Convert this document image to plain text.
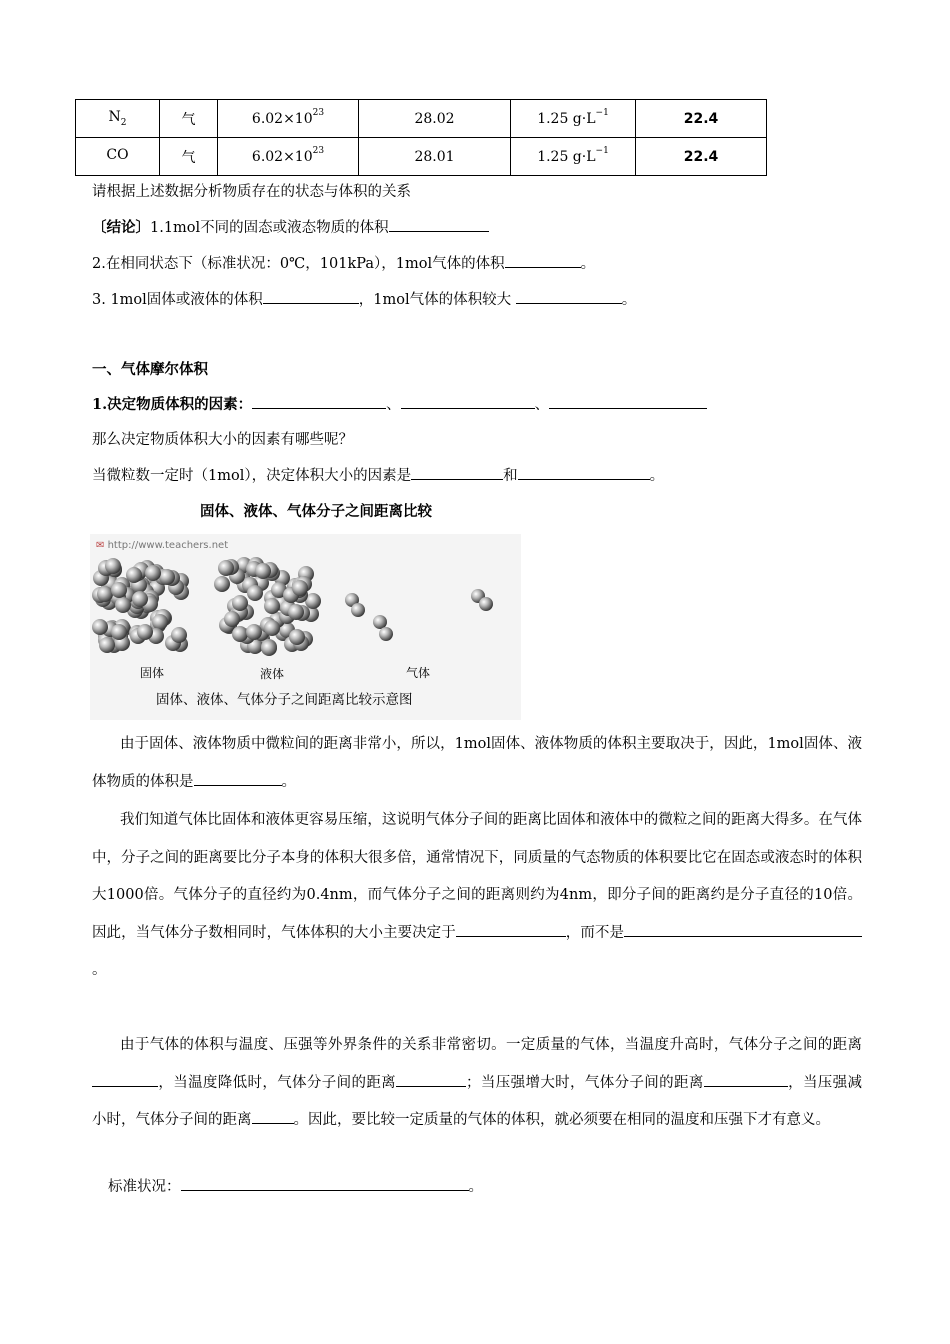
$N_2$	气	$6.02\times 10^{23}$	28.02	1.25 $g\cdot L^{-1}$	22.4
CO	气	$6.02\times 10^{23}$	28.01	1.25 $g\cdot L^{-1}$	22.4
请根据上述数据分析物质存在的状态与体积的关系
〔结论〕1.1mol不同的固态或液态物质的体积
2.在相同状态下（标准状况：0℃，101kPa），1mol气体的体积	。
3. 1mol固体或液体的体积	，1mol气体的体积较大	。
一、气体摩尔体积
1.决定物质体积的因素：	、	、
那么决定物质体积大小的因素有哪些呢？
当微粒数一定时（1mol），决定体积大小的因素是	和	。
固体、液体、气体分子之间距离比较
✉ http://www.teachers.net
固体	液体	气体
固体、液体、气体分子之间距离比较示意图
由于固体、液体物质中微粒间的距离非常小，所以，1mol固体、液体物质的体积主要取决于，因此，1mol固体、液体物质的体积是	。
我们知道气体比固体和液体更容易压缩，这说明气体分子间的距离比固体和液体中的微粒之间的距离大得多。在气体中，分子之间的距离要比分子本身的体积大很多倍，通常情况下，同质量的气态物质的体积要比它在固态或液态时的体积大1000倍。气体分子的直径约为0.4nm，而气体分子之间的距离则约为4nm，即分子间的距离约是分子直径的10倍。因此，当气体分子数相同时，气体体积的大小主要决定于	，而不是。
由于气体的体积与温度、压强等外界条件的关系非常密切。一定质量的气体，当温度升高时，气体分子之间的距离，当温度降低时，气体分子间的距离	；当压强增大时，气体分子间的距离	，当压强减小时，气体分子间的距离	。因此，要比较一定质量的气体的体积，就必须要在相同的温度和压强下才有意义。
标准状况：	。
